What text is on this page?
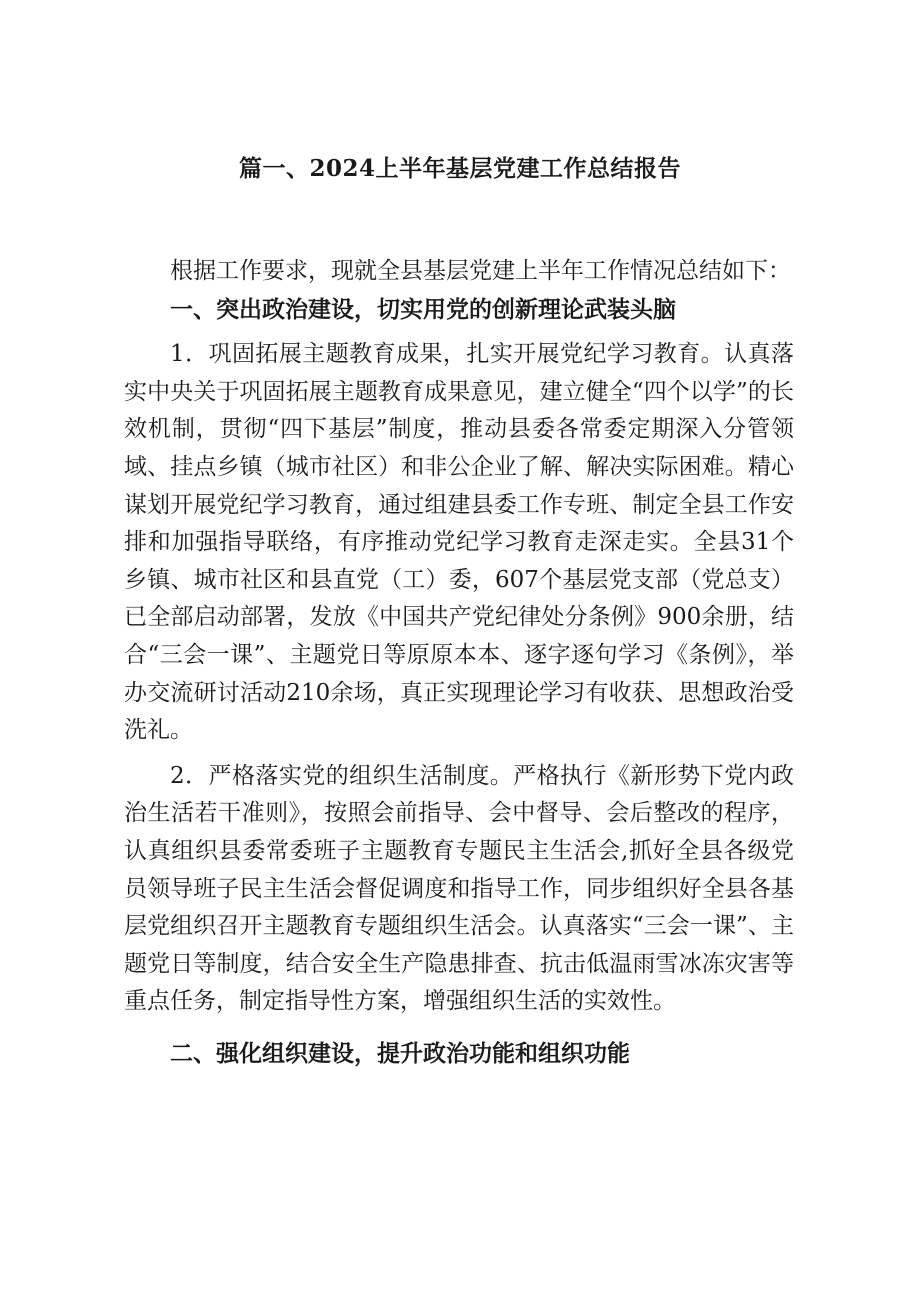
篇一、2024上半年基层党建工作总结报告

根据工作要求，现就全县基层党建上半年工作情况总结如下：

一、突出政治建设，切实用党的创新理论武装头脑

1．巩固拓展主题教育成果，扎实开展党纪学习教育。认真落实中央关于巩固拓展主题教育成果意见，建立健全“四个以学”的长效机制，贯彻“四下基层”制度，推动县委各常委定期深入分管领域、挂点乡镇（城市社区）和非公企业了解、解决实际困难。精心谋划开展党纪学习教育，通过组建县委工作专班、制定全县工作安排和加强指导联络，有序推动党纪学习教育走深走实。全县31个乡镇、城市社区和县直党（工）委，607个基层党支部（党总支）已全部启动部署，发放《中国共产党纪律处分条例》900余册，结合“三会一课”、主题党日等原原本本、逐字逐句学习《条例》，举办交流研讨活动210余场，真正实现理论学习有收获、思想政治受洗礼。

2．严格落实党的组织生活制度。严格执行《新形势下党内政治生活若干准则》，按照会前指导、会中督导、会后整改的程序，认真组织县委常委班子主题教育专题民主生活会,抓好全县各级党员领导班子民主生活会督促调度和指导工作，同步组织好全县各基层党组织召开主题教育专题组织生活会。认真落实“三会一课”、主题党日等制度，结合安全生产隐患排查、抗击低温雨雪冰冻灾害等重点任务，制定指导性方案，增强组织生活的实效性。

二、强化组织建设，提升政治功能和组织功能
